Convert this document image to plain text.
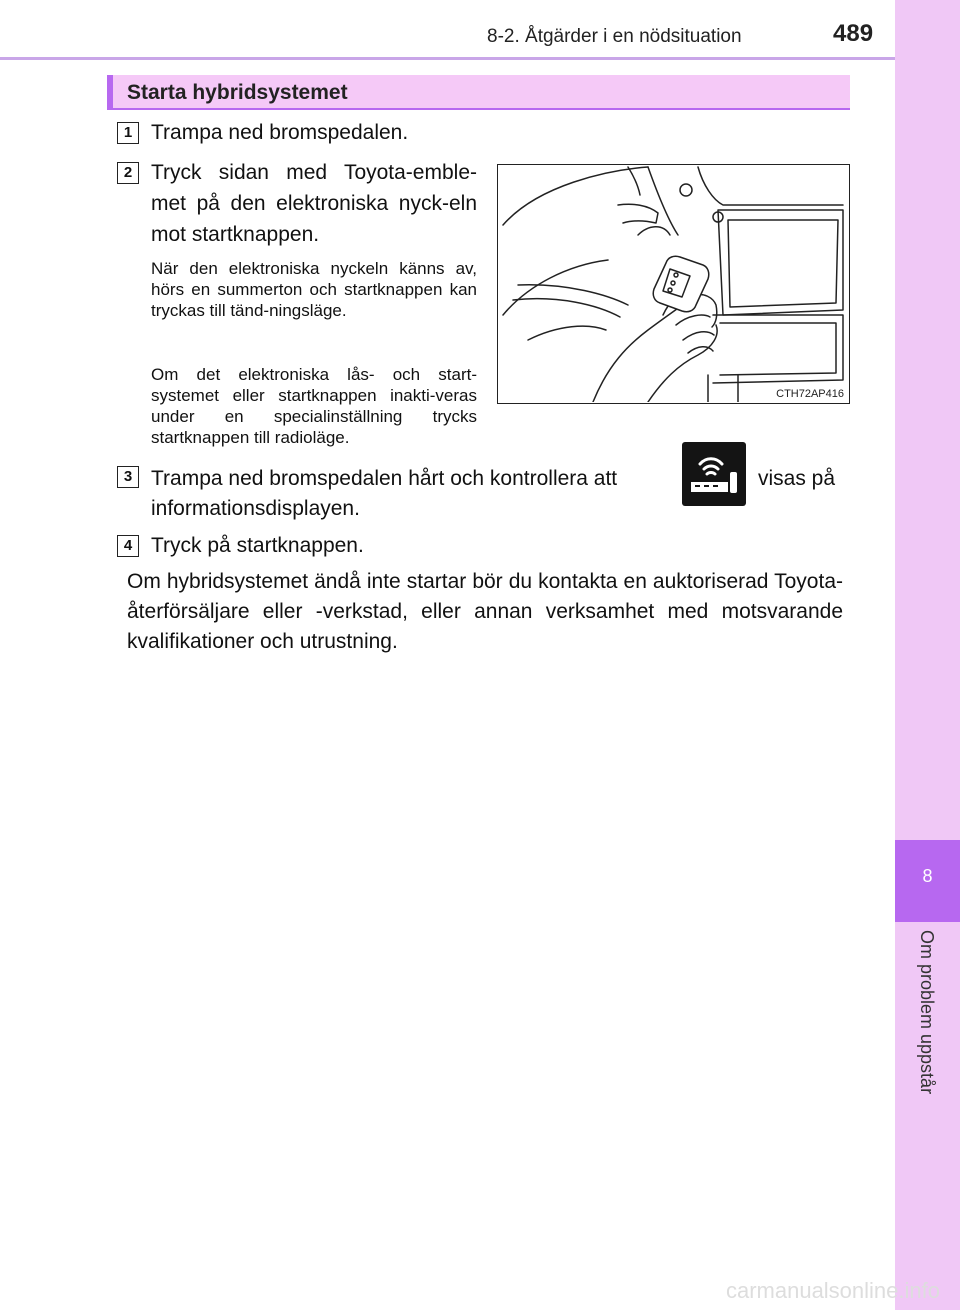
8-2. Åtgärder i en nödsituation	489
8
Om problem uppstår
Starta hybridsystemet
1 Trampa ned bromspedalen.
2 Tryck sidan med Toyota-emble-met på den elektroniska nyck-eln mot startknappen.
När den elektroniska nyckeln känns av, hörs en summerton och startknappen kan tryckas till tänd-ningsläge.
Om det elektroniska lås- och start-systemet eller startknappen inakti-veras under en specialinställning trycks startknappen till radioläge.
CTH72AP416
3 Trampa ned bromspedalen hårt och kontrollera att	visas på
informationsdisplayen.
4 Tryck på startknappen.
Om hybridsystemet ändå inte startar bör du kontakta en auktoriserad Toyota-återförsäljare eller -verkstad, eller annan verksamhet med motsvarande kvalifikationer och utrustning.
carmanualsonline.info
